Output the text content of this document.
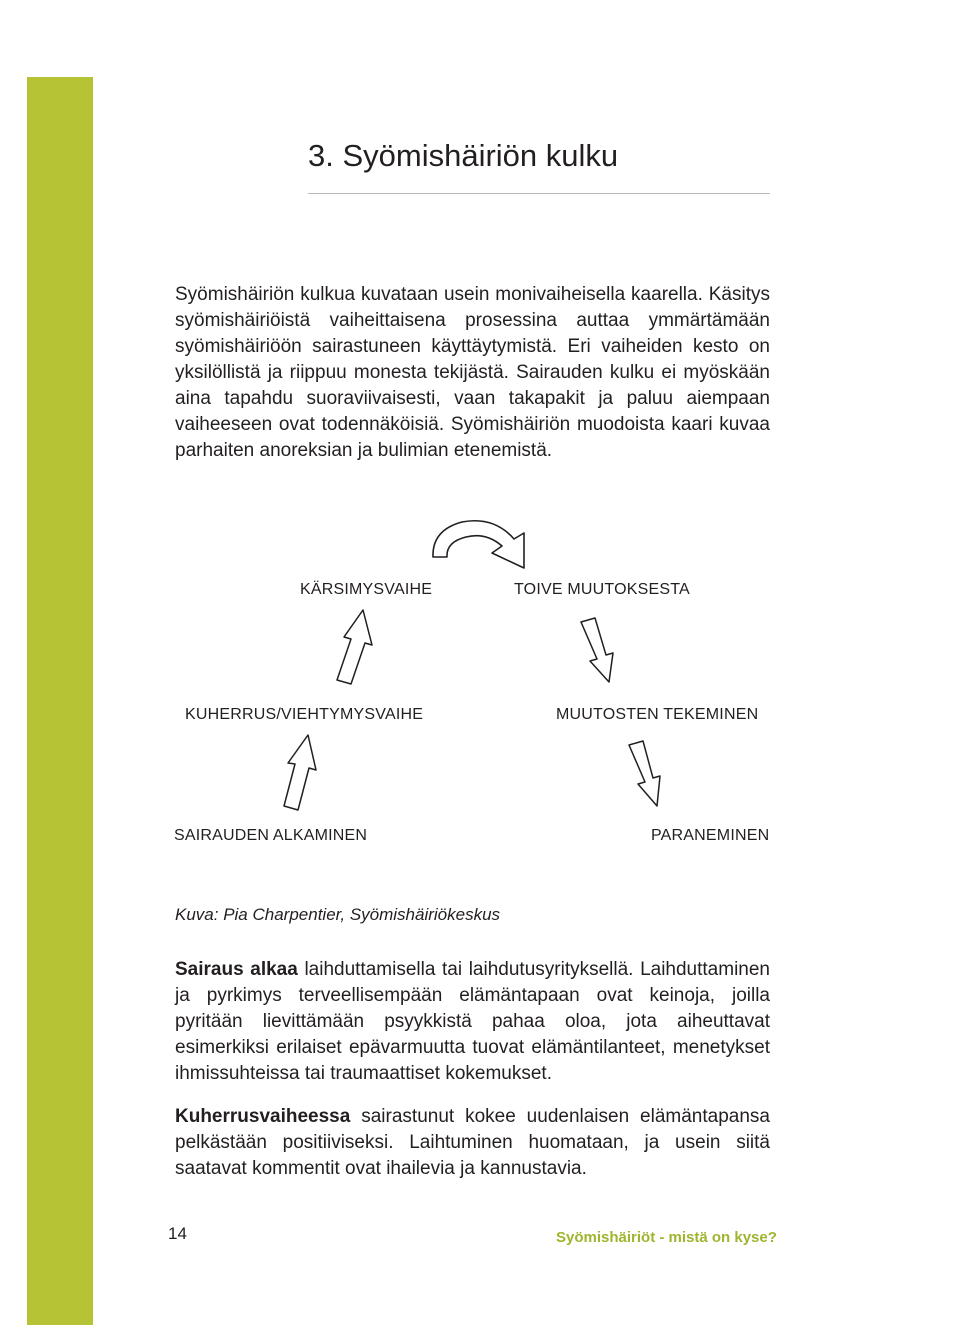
3. Syömishäiriön kulku

Syömishäiriön kulkua kuvataan usein monivaiheisella kaarella. Käsitys syömishäiriöistä vaiheittaisena prosessina auttaa ymmärtämään syömishäiriöön sairastuneen käyttäytymistä. Eri vaiheiden kesto on yksilöllistä ja riippuu monesta tekijästä. Sairauden kulku ei myöskään aina tapahdu suoraviivaisesti, vaan takapakit ja paluu aiempaan vaiheeseen ovat todennäköisiä. Syömishäiriön muodoista kaari kuvaa parhaiten anoreksian ja bulimian etenemistä.

KÄRSIMYSVAIHE	TOIVE MUUTOKSESTA
KUHERRUS/VIEHTYMYSVAIHE	MUUTOSTEN TEKEMINEN
SAIRAUDEN ALKAMINEN	PARANEMINEN

Kuva: Pia Charpentier, Syömishäiriökeskus

Sairaus alkaa laihduttamisella tai laihdutusyrityksellä. Laihduttaminen ja pyrkimys terveellisempään elämäntapaan ovat keinoja, joilla pyritään lievittämään psyykkistä pahaa oloa, jota aiheuttavat esimerkiksi erilaiset epävarmuutta tuovat elämäntilanteet, menetykset ihmissuhteissa tai traumaattiset kokemukset.

Kuherrusvaiheessa sairastunut kokee uudenlaisen elämäntapansa pelkästään positiiviseksi. Laihtuminen huomataan, ja usein siitä saatavat kommentit ovat ihailevia ja kannustavia.

14	Syömishäiriöt - mistä on kyse?
